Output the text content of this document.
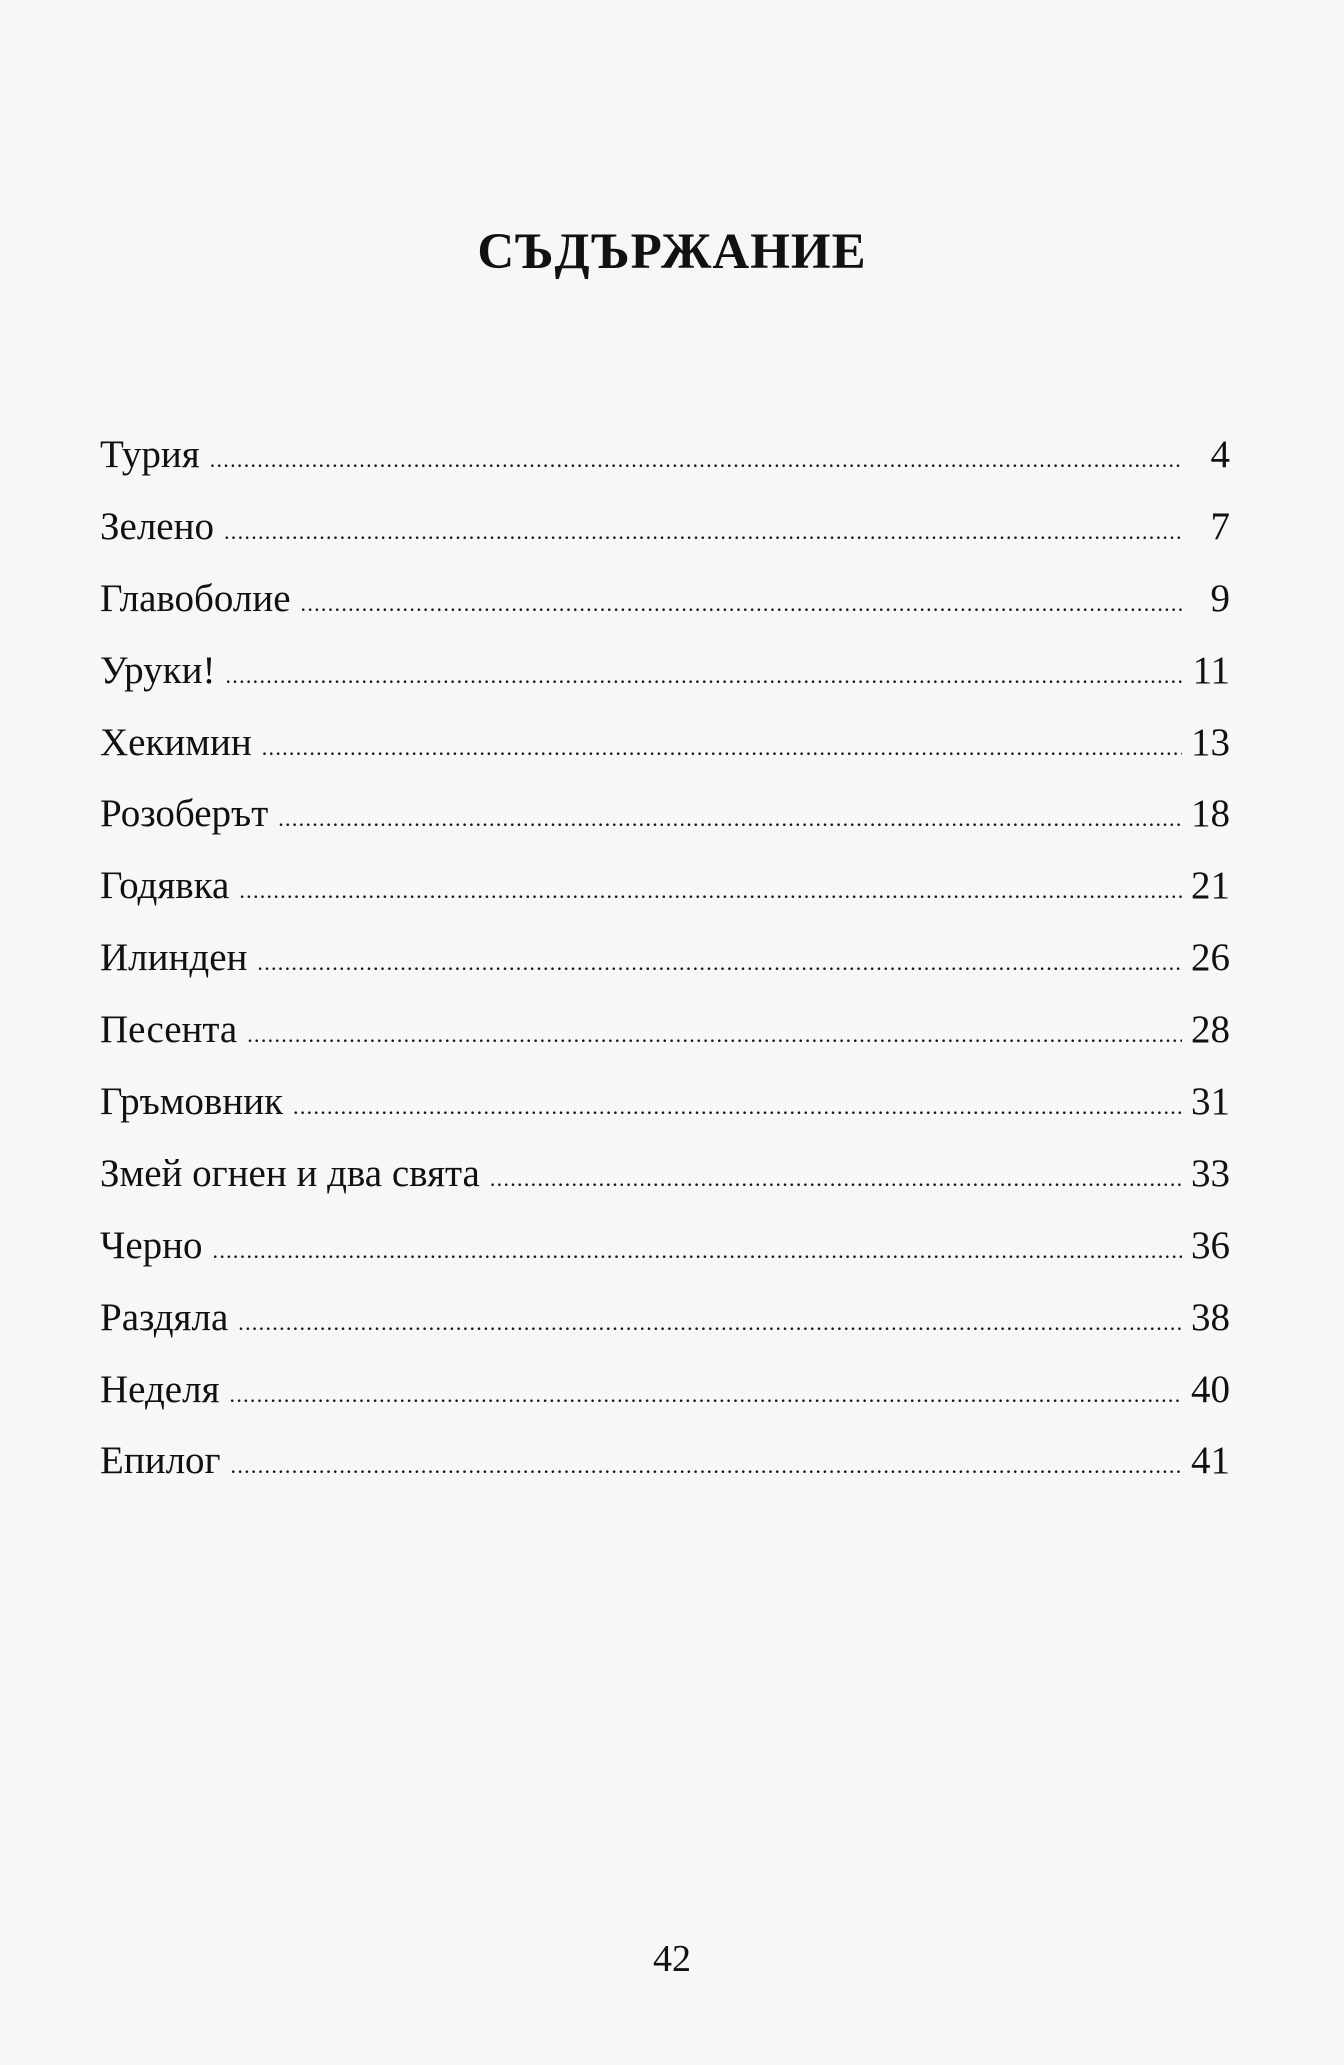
СЪДЪРЖАНИЕ
Турия .....	4
Зелено .....	7
Главоболие .....	9
Уруки! .....	11
Хекимин .....	13
Розоберът .....	18
Годявка .....	21
Илинден .....	26
Песента .....	28
Гръмовник .....	31
Змей огнен и два свята .....	33
Черно .....	36
Раздяла .....	38
Неделя .....	40
Епилог .....	41
42
